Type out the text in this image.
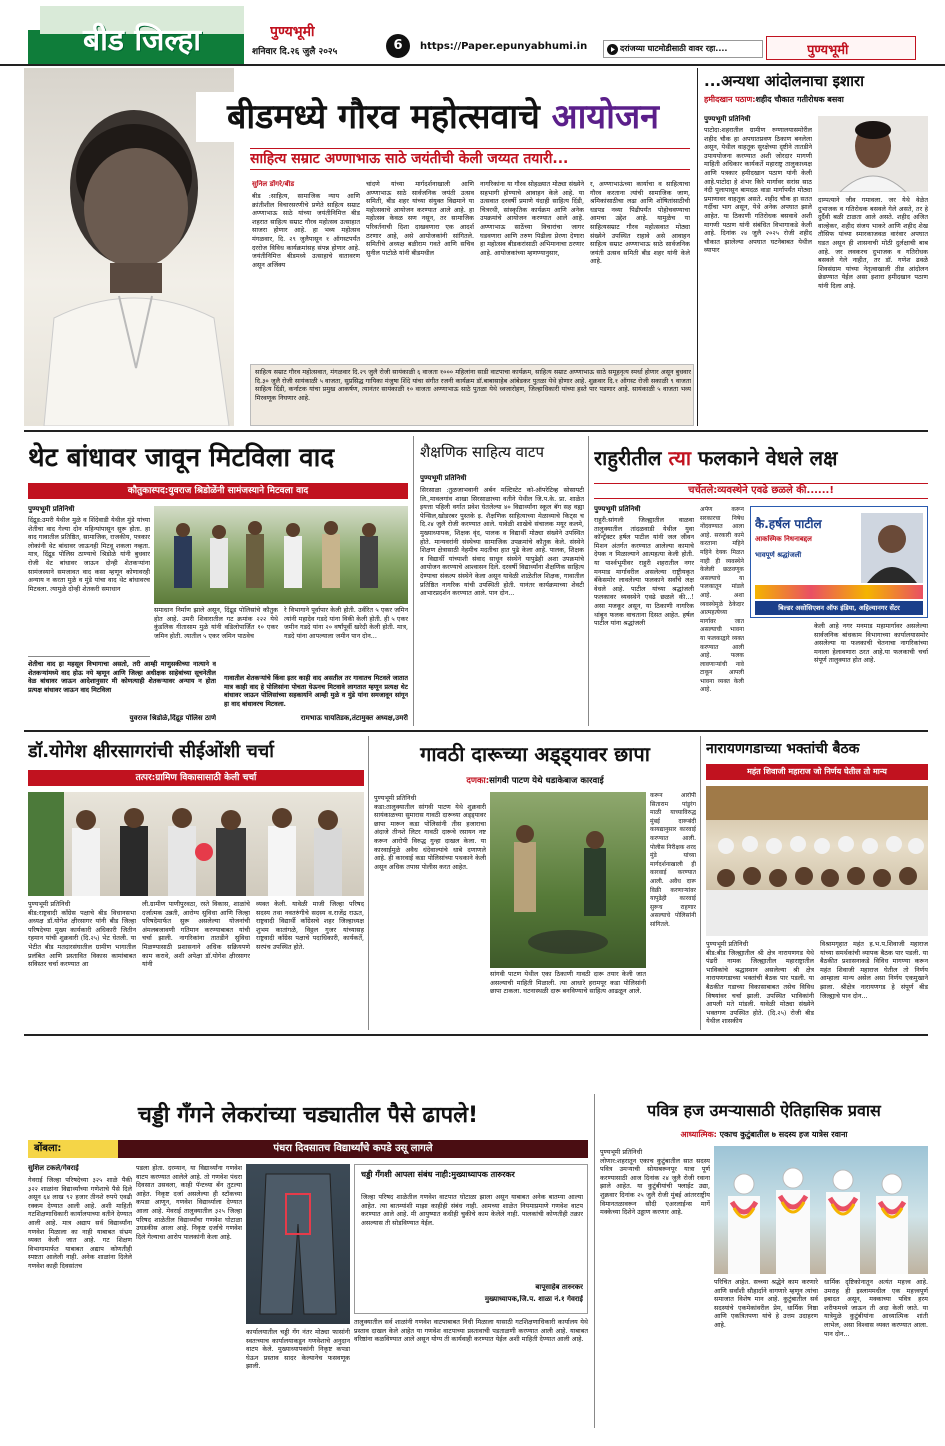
बीड जिल्हा	पुण्यभूमी
6
शनिवार दि.२६ जुलै २०२५	https://Paper.epunyabhumi.in	दरांजय्या घाटमोडीसाठी वावर रहा....	पुण्यभूमी
बीडमध्ये गौरव महोत्सवाचे आयोजन
साहित्य सम्राट अण्णाभाऊ साठे जयंतीची केली जय्यत तयारी...
सुनिल डोंगरे/बीड
बीड :साहित्य, सामाजिक न्याय आणि क्रांतीशील विचारसरणीचे प्रणेते साहित्य सम्राट अण्णाभाऊ साठे यांच्या जयंतीनिमित्त बीड शहरात साहित्य सम्राट गौरव महोत्सव उत्साहात साजरा होणार आहे. हा भव्य महोत्सव मंगळवार, दि. २९ जुलैपासून १ ऑगस्टपर्यंत दररोज विविध कार्यक्रमांसह संपन्न होणार आहे. जयंतीनिमित्त बीडमध्ये उत्साहाचे वातावरण असून अजिंक्य
चांदणे यांच्या मार्गदर्शनाखाली आणि अण्णाभाऊ साठे सार्वजनिक जयंती उत्सव समिती, बीड शहर यांच्या संयुक्त विद्यमाने या महोत्सवाचे आयोजन करण्यात आले आहे. हा महोत्सव केवळ सण नसून, तर सामाजिक परिवर्तनाची दिशा दाखवणारा एक आदर्श ठरणार आहे, असे आयोजकांनी सांगितले. समितीचे अध्यक्ष बळीराम गवते आणि सचिव सुनील पाटोळे यांनी बीडमधील
नागरिकांना या गौरव सोहळ्यात मोठ्या संख्येने सहभागी होण्याचे आवाहन केले आहे. या उत्सवात दरवर्षी प्रमाणे यंदाही साहित्य दिंडी, चित्ररथी, सांस्कृतिक कार्यक्रम आणि अनेक उपक्रमांचे आयोजन करण्यात आले आहे. अण्णाभाऊ साठेंच्या विचारांचा जागर घडवणारा आणि तरुण पिढीला प्रेरणा देणारा हा महोत्सव बीडकरांसाठी अभिमानाचा ठरणार आहे. आयोजकांच्या म्हणण्यानुसार,
र, अण्णाभाऊंच्या कार्याचा व साहित्याचा गौरव करताना त्यांची सामाजिक जाण, श्रमिकांसाठीचा लढा आणि शोषितांसाठीची धडपड नव्या पिढीपर्यंत पोहोचवण्याचा आमचा उद्देश आहे. यामुळेच या साहित्यसम्राट गौरव महोत्सवात मोठ्या संख्येने उपस्थित राहावे असे आवाहन साहित्य सम्राट अण्णाभाऊ साठे सार्वजनिक जयंती उत्सव समिती बीड शहर यांनी केले आहे.
साहित्य सम्राट गौरव महोत्सवात, मंगळवार दि.२९ जुलै रोजी सायंकाळी ६ वाजता १००० महिलांना साडी वाटपाचा कार्यक्रम, साहित्य सम्राट अण्णाभाऊ साठे समूहनृत्य स्पर्धा होणार असून बुधवार दि.३० जुलै रोजी सायंकाळी ५ वाजता, सुप्रसिद्ध गायिका मंजुषा शिंदे यांचा संगीत रजनी कार्यक्रम डॉ.बाबासाहेब आंबेडकर पुतळा येथे होणार आहे. शुक्रवार दि.१ ऑगस्ट रोजी सकाळी ९ वाजता साहित्य दिंडी, कर्नाटक यांचा प्रमुख आकर्षण, त्यानंतर सायंकाळी १० वाजता अण्णाभाऊ साठे पुतळा येथे ध्वजारोहण, जिल्हाधिकारी यांच्या हस्ते पार पडणार आहे. सायंकाळी ५ वाजता भव्य मिरवणूक निघणार आहे.
...अन्यथा आंदोलनाचा इशारा
हमीदखान पठाण:शहीद चौकात गतीरोधक बसवा
पुण्यभूमी प्रतिनिधी
पाटोदा:शहरातील ग्रामीण रुग्णालयासमोरील शहीद चौक हा अपघातप्रवण ठिकाण बनलेला असून, येथील वाहतूक सुरक्षेच्या दृष्टीने तातडीने उपाययोजना करण्यात अशी जोरदार मागणी माहिती अधिकार कार्यकर्ते महाराष्ट्र तालुकाध्यक्ष आणि पत्रकार हमीदखान पठाण यांनी केली आहे.पाटोदा हे शंभर किरे मार्गावर सरांस साठ नंदी पुलापासून बामदळ वाडा मार्गापर्यंत मोठ्या प्रमाणावर वाहतूक असते. शहीद चौक हा सतत गर्दीचा भाग असून, येथे अनेक अपघात झाले आहेत. या ठिकाणी गतिरोधक बसवावे अशी मागणी पठाण यांनी संबंधित विभागाकडे केली आहे. दिनांक २४ जुलै २०२५ रोजी शहीद चौकात झालेल्या अपघात घटनेबाबत येथील व्यापार
दाम्पत्याने जीव गमावला. जर येथे वेळेत दुभाजक व गतिरोधक बसवले गेले असते, तर हे दुर्दैवी बळी टाळता आले असते. शहीद अजित वाल्हेकर, शहीद संजय भाकरे आणि शहीद शेख तौसिफ यांच्या स्मारकाजवळ वारंवार अपघात घडत असून ही शासनाची मोठी दुर्लक्षाची बाब आहे. जर लवकरच दुभाजक व गतिरोधक बसवले गेले नाहीत, तर डॉ. गणेश ढवळे शिवसंग्राम यांच्या नेतृत्वाखाली तीव्र आंदोलन छेडण्यात येईल असा इशारा हमीदखान पठाण यांनी दिला आहे.
थेट बांधावर जावून मिटविला वाद
कौतुकास्पद:युवराज श्रिडोळेंनी सामंजस्याने मिटवला वाद
पुण्यभूमी प्रतिनिधी
दिंद्रूड:उमरी येथील मुळे व शिंदेवाडी येथील मुंडे यांच्या शेतीचा वाद गेल्या दोन महिन्यांपासून सुरू होता. हा वाद गावातील प्रतिष्ठित, सामाजिक, राजकीय, पत्रकार लोकांनी थेट बांधावर जाऊनही मिटवू शकला नव्हता. मात्र, दिंद्रूड पोलिस ठाण्याचे श्रिडोळे यांनी बुधवार रोजी थेट बांधावर जाऊन दोन्ही शेतकऱ्यांना सामंजस्याने समजावत वाद कसा म्हणून कोणावरही अन्याय न करता मुळे व मुंडे यांचा वाद थेट बांधावरच मिटवला. त्यामुळे दोन्ही शेतकरी समाधान
समाधान निर्माण झाले असून, दिंद्रूड पोलिसांचे कौतुक होत आहे. उमरी शिवारातील गट क्रमांक २२२ येथे कुंडलिक गीतासाम मुळे यांनी वडिलोपार्जित १० एकर जमिन होती. त्यातील ५ एकर जमिन पाठवेच
रे विभागाने पूर्वापार केली होती. उर्वरित ५ एकर जमिन त्यांनी महादेव गडदे यांना विकी केली होती. ही ५ एकर जमीन गडदे यांना २० वर्षांपूर्वी खरेदी केली होती. मात्र, गडदे यांना आपल्याला जमीन पान दोन...
शेतीचा वाद हा महसूल विभागाचा असतो, तरी आम्ही माणुसकीच्या नात्याने व शेतकऱ्यांमध्ये वाद होऊ नये म्हणून आणि जिल्हा अधीक्षक साहेबांच्या सूचनेतील वेळ बांधावर जाऊन आदेशानुसार मी कोणत्याही शेतकऱ्यावर अन्याय न होता प्रत्यक्ष बांधावर जाऊन वाद मिटविला
युवराज श्रिडोळे,दिंद्रूड पोलिस ठाणे
गावातील शेतकऱ्यांचे किंवा इतर काही वाद असतील तर गावातच मिटवले जातात मात्र काही वाद हे पोलिसांना पोचता घेऊनच मिटवावे लागतात म्हणून प्रत्यक्ष थेट बांधावर जाऊन पोलिसांच्या सहकार्याने आम्ही मुळे व मुंडे यांना समजावून सांगून हा वाद बांधावरच मिटवला.
रामभाऊ घायतिडक,तंटामुक्त अध्यक्ष,उमरी
शैक्षणिक साहित्य वाटप
पुण्यभूमी प्रतिनिधी
सिरसाळा :तुळजाभवानी अर्बन मल्टिस्टेट को-ऑपरेटिव्ह सोसायटी लि.,मावलगांव शाखा सिरसाळाच्या वतीने येथील जि.प.के. प्रा. शाळेत इयत्ता पहिली वर्गात प्रवेश घेतलेल्या ४० विद्यार्थ्यांना स्कूल बॅग सह वह्या पेन्सिल,खोडरबर पुस्तके इ. शैक्षणिक साहित्याच्या मेळाव्याचे किट्स च दि.२४ जुलै रोजी करण्यात आले. यावेळी शाखेचे संचालक मयूर कलमे, मुख्याध्यापक, शिक्षक वृंद, पालक व विद्यार्थी मोठ्या संख्येने उपस्थित होते. मान्यवरांनी संस्थेच्या सामाजिक उपक्रमांचे कौतुक केले. संस्थेने शिक्षण क्षेत्रासाठी नेहमीच मदतीचा हात पुढे केला आहे. पालक, शिक्षक व विद्यार्थी यांच्याशी संवाद साधून संस्थेने यापुढेही अशा उपक्रमांचे आयोजन करण्याचे आश्वासन दिले. दरवर्षी विद्यार्थ्यांना शैक्षणिक साहित्य देण्याचा संकल्प संस्थेने केला असून यावेळी शाळेतील शिक्षक, गावातील प्रतिष्ठित नागरिक यांची उपस्थिती होती. यानंतर कार्यक्रमाच्या शेवटी आभारप्रदर्शन करण्यात आले. पान दोन...
राहुरीतील त्या फलकाने वेधले लक्ष
चर्चेतले:व्यवस्थेने एवढे छळले की......!
पुण्यभूमी प्रतिनिधी
राहुरी:सांगली जिल्ह्यातील वाळवा तालुक्यातील तांदळवाडी येथील युवा कॉन्ट्रॅक्टर हर्षल पाटील यांनी जल जीवन मिशन अंतर्गत करण्यात आलेल्या कामाचे देयक न मिळाल्याने आत्महत्या केली होती. या पार्श्वभूमीवर राहुरी शहरातील नगर मनमाड मार्गावरील असलेल्या राष्ट्रीयकृत बँकेसमोर लावलेल्या फलकाने सर्वांचे लक्ष वेधले आहे. पाटील यांच्या श्रद्धांजली फलकावर व्यवस्थेने एवढे छळले की...! असा मजकूर असून, या ठिकाणी नागरिक थांबून फलक वाचताना दिसत आहेत. हर्षल पाटील यांना श्रद्धांजली
अर्पण करून सरकारचा निषेध नोंदवण्यात आला आहे. सरकारी कामे करताना महिने महिने देयक मिळत नाही ही व्यवस्थेने केलेली छळवणूक असल्याचे या फलकातून मांडले आहे. अशा व्यवस्थेमुळे ठेकेदार आत्महत्येच्या मार्गावर जात असल्याची भावना या फलकाद्वारे व्यक्त करण्यात आली आहे. फलक लावणाऱ्यांची नावे टाकून आपली भावना व्यक्त केली आहे.
कै.हर्षल पाटील
आकस्मिक निधनाबद्दल
भावपूर्ण श्रद्धांजली
बिल्डर असोसिएशन ऑफ इंडिया, अहिल्यानगर सेंटर
केली आहे नगर मनमाड महामार्गावर असलेल्या सार्वजनिक बांधकाम विभागाच्या कार्यालयासमोर असलेल्या या फलकाची चेतनाचा नागरिकांच्या मनाला हेलावणारा ठरत आहे.या फलकाची चर्चा संपूर्ण तालुक्यात होत आहे.
डॉ.योगेश क्षीरसागरांची सीईओंशी चर्चा
तत्पर:ग्रामिण विकासासाठी केली चर्चा
पुण्यभूमी प्रतिनिधी
बीड:राष्ट्रवादी काँग्रेस पक्षाचे बीड विधानसभा अध्यक्ष डॉ.योगेश क्षीरसागर यांनी बीड जिल्हा परिषदेच्या मुख्य कार्यकारी अधिकारी जितीन रहमान यांची शुक्रवारी (दि.२५) भेट घेतली. या भेटीत बीड मतदारसंघातील ग्रामीण भागातील प्रलंबित आणि प्रस्तावित विकास कामांबाबत सविस्तर चर्चा करण्यात आ
ली.ग्रामीण पाणीपुरवठा, रस्ते विकास, शाळांचे दर्जात्मक उन्नती, आरोग्य सुविधा आणि जिल्हा परिषदेमार्फत सुरू असलेल्या योजनांची अंमलबजावणी गतिमान करण्याबाबत यांची चर्चा झाली. नागरिकांना तातडीने सुविधा मिळण्यासाठी प्रशासनाने अधिक सक्रियपणे काम करावे, अशी अपेक्षा डॉ.योगेश क्षीरसागर यांनी
व्यक्त केली. यावेळी माजी जिल्हा परिषद सदस्य तथा नवतरुंगीचे सदस्य व.राजेंद्र राऊत, राष्ट्रवादी विद्यार्थी काँग्रेसचे शहर जिल्हाध्यक्ष शुभम कातांगळे, विठ्ठल गुजर यांच्यासह राष्ट्रवादी काँग्रेस पक्षाचे पदाधिकारी, कार्यकर्ते, सरपंच उपस्थित होते.
गावठी दारूच्या अड्ड्यावर छापा
दणका:सांगवी पाटण येथे धडाकेबाज कारवाई
पुण्यभूमी प्रतिनिधी
कडा:तालुक्यातील सांगवी पाटण येथे शुक्रवारी सायंकाळच्या सुमारास गावठी दारूच्या अड्ड्यावर छापा मारून कडा पोलिसांनी तीस हजाराचा अंदाजे तीनशे लिटर गावठी दारूचे रसायन नष्ट करून आरोपी विरुद्ध गुन्हा दाखल केला. या कारवाईमुळे अवैध धंदेवाल्यांचे धाबे दणाणले आहे. ही कारवाई कडा पोलिसांच्या पथकाने केली असून अधिक तपास पोलीस करत आहेत.
सांगवी पाटण येथील एका ठिकाणी गावठी दारू तयार केली जात असल्याची माहिती मिळाली. त्या आधारे हरामपूर कडा पोलिसांनी छापा टाकला. घटनास्थळी दारू बनविण्याचे साहित्य आढळून आले.
करून आरोपी सिताराम पांडुरंग माळी याच्याविरुद्ध मुंबई दारूबंदी कायद्यानुसार कारवाई करण्यात आली. पोलीस निरीक्षक शरद मुंडे यांच्या मार्गदर्शनाखाली ही कारवाई करण्यात आली. अवैध दारू विक्री करणाऱ्यांवर यापुढेही कारवाई सुरूच राहणार असल्याचे पोलिसांनी सांगितले.
नारायणगडाच्या भक्तांची बैठक
महंत शिवाजी महाराज जो निर्णय घेतील तो मान्य
पुण्यभूमी प्रतिनिधी
बीड:बीड जिल्ह्यातील श्री क्षेत्र नारायणगड येथे पंढरी नामक जिल्ह्यातील महाराष्ट्रातील भाविकांचे श्रद्धास्थान असलेल्या श्री क्षेत्र नारायणगडाच्या भक्तांची बैठक पार पडली. या बैठकीत गडाच्या विकासाबाबत तसेच विविध विषयांवर चर्चा झाली. उपस्थित भाविकांनी आपली मते मांडली. यावेळी मोठ्या संख्येने भक्तगण उपस्थित होते. (दि.२५) रोजी बीड येथील शासकीय
विश्रामगृहात महंत ह.भ.प.शिवाजी महाराज यांच्या समर्थकांची व्यापक बैठक पार पडली. या बैठकीत प्रशासनाकडे विविध मागण्या करून महंत शिवाजी महाराज घेतील तो निर्णय आम्हाला मान्य असेल असा निर्णय एकमुखाने झाला. श्रीक्षेत्र नारायणगड हे संपूर्ण बीड जिल्ह्याचे पान दोन...
चड्डी गँगने लेकरांच्या चड्यातील पैसे ढापले!
बोंबला:	पंधरा दिवसातच विद्यार्थ्यांचे कपडे उसू लागले
सुशिल टकले/गेवराई
गेवराई जिल्हा परिषदेच्या ३२५ शाळे पैकी ३२२ शाळांना विद्यार्थ्यांच्या गणेशाचे पैसे दिले असून ६४ लाख ९२ हजार तीनशे रुपये एवढी रक्कम देण्यात आली आहे. अशी माहिती गटशिक्षणाधिकारी कार्यालयाच्या वतीने देण्यात आली आहे. मात्र अद्याप सर्व विद्यार्थ्यांना गणवेश मिळाला का नाही याबाबत संभ्रम व्यक्त केली जात आहे. गट शिक्षण विभागामार्फत याबाबत अद्याप कोणतीही स्पष्टता आलेली नाही. अनेक शाळांना दिलेले गणवेश काही दिवसांतच
पडला होता. दरम्यान, या विद्यार्थ्यांना गणवेश वाटप करण्यात आलेले आहे. तो गणवेश पंधरा दिवसात उसवला, काही पॅन्टच्या बँन तुटल्या आहेत. निकृष्ट दर्जा असलेल्या ही स्टॉकच्या कपडा आणून, गणवेश विद्यार्थ्याला देण्यात आला आहे. मेवराई तालुक्यातील ३२५ जिल्हा परिषद शाळेतील विद्यार्थ्यांचा गणवेश घोटाळा उघडकीस आला आहे. निकृष्ट दर्जाचे गणवेश दिले गेल्याचा आरोप पालकांनी केला आहे.
कार्यालयातील चड्डी गँग नंतर मोठ्या फासांनी स्वतःच्याच कार्यालयाकडून गणवेशाचे अनुदान वाटप केले. मुख्याध्यापकांनी निकृष्ट कपडा घेऊन प्रस्ताव सादर केल्यानेच फसवणूक झाली.
चड्डी गँगशी आपला संबंध नाही:मुख्याध्यापक तारुरकर
जिल्हा परिषद शाळेतील गणवेश वाटपात घोटाळा झाला असून याबाबत अनेक बातम्या आल्या आहेत. त्या बातम्यांशी माझा काहीही संबंध नाही. आमच्या शाळेत नियमाप्रमाणे गणवेश वाटप करण्यात आले आहे. मी आयुष्यात कधीही चुकीचे काम केलेले नाही. पालकांची कोणतीही तक्रार असल्यास ती सोडविण्यात येईल.
बापूसाहेब तारुरकर
मुख्याध्यापक,जि.प. शाळा नं.१ गेवराई
तालुक्यातील सर्व शाळांनी गणवेश वाटपाबाबत निधी मिळाला यासाठी गटशिक्षणाधिकारी कार्यालय येथे प्रस्ताव दाखल केले आहेत या गणवेश वाटपाच्या प्रस्तावाची पडताळणी करण्यात आली आहे. याबाबत वरिष्ठांना कळविण्यात आले असून योग्य ती कार्यवाही करण्यात येईल अशी माहिती देण्यात आली आहे.
पवित्र हज उमऱ्यासाठी ऐतिहासिक प्रवास
आध्यात्मिक: एकाच कुटुंबातील ७ सदस्य हज यात्रेस रवाना
पुण्यभूमी प्रतिनिधी
लोणार:शहरातून एकाच कुटुंबातील सात सदस्य पवित्र उमऱ्याची सोयाबरूनपूर यात्रा पूर्ण करण्यासाठी आज दिनांक २४ जुलै रोजी रवाना झाले आहेत. या कुटुंबीयांची फ्लाईट उद्या, शुक्रवार दिनांक २५ जुलै रोजी मुंबई आंतरराष्ट्रीय विमानतळावरून सौदी एअरलाईन्स मार्गे मक्केच्या दिशेने उड्डाण करणार आहे.
परिचित आहेत. सच्च्या श्रद्धेने काम करणारे आणि सर्वांशी सौहार्दाने वागणारे म्हणून त्यांचा समाजात विशेष मान आहे. कुटुंबातील सर्व सदस्यांचे एकमेकांवरील प्रेम, धार्मिक निष्ठा आणि एकत्रितपणा यांचे हे उत्तम उदाहरण आहे.
धार्मिक दृष्टिकोनातून अत्यंत महत्त्व आहे. उमराह ही इस्लाममधील एक महत्त्वपूर्ण इबादत असून, मक्काच्या पवित्र हरम शरीफमध्ये जाऊन ती अदा केली जाते. या यात्रेमुळे कुटुंबीयांना आध्यात्मिक शांती लाभेल, असा विश्वास व्यक्त करण्यात आला. पान दोन...
